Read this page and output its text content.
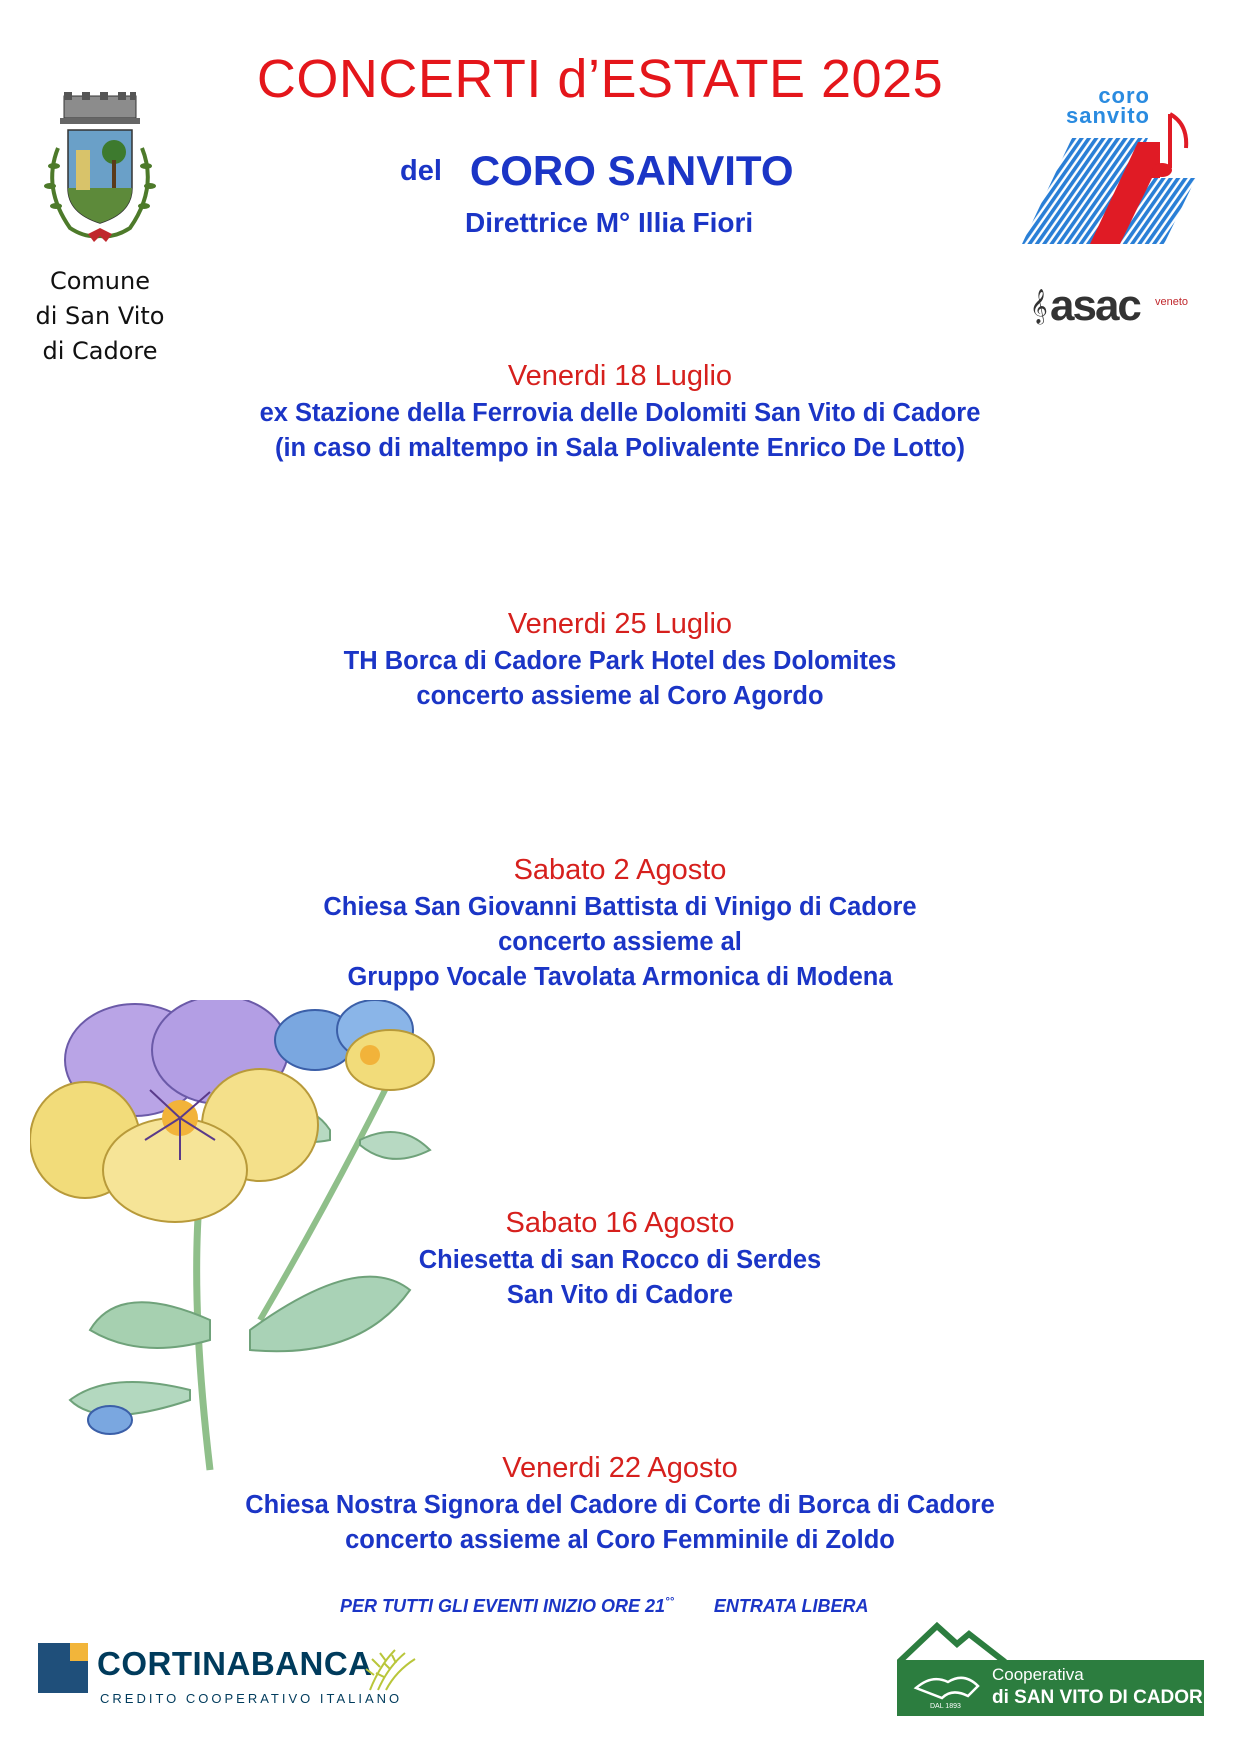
Comune
di San Vito
di Cadore
CONCERTI d’ESTATE 2025
del CORO SANVITO
Direttrice M° Illia Fiori
coro
sanvito
𝄞 asac veneto
Venerdi 18 Luglio
ex Stazione della Ferrovia delle Dolomiti San Vito di Cadore
(in caso di maltempo in Sala Polivalente Enrico De Lotto)
Venerdi 25 Luglio
TH Borca di Cadore Park Hotel des Dolomites
concerto assieme al Coro Agordo
Sabato 2 Agosto
Chiesa San Giovanni Battista di Vinigo di Cadore
concerto assieme al
Gruppo Vocale Tavolata Armonica di Modena
Sabato 16 Agosto
Chiesetta di san Rocco di Serdes
San Vito di Cadore
Venerdi 22 Agosto
Chiesa Nostra Signora del Cadore di Corte di Borca di Cadore
concerto assieme al Coro Femminile di Zoldo
PER TUTTI GLI EVENTI INIZIO ORE 21°° ENTRATA LIBERA
CORTINABANCA
CREDITO COOPERATIVO ITALIANO
DAL 1893
Cooperativa
di SAN VITO DI CADORE
